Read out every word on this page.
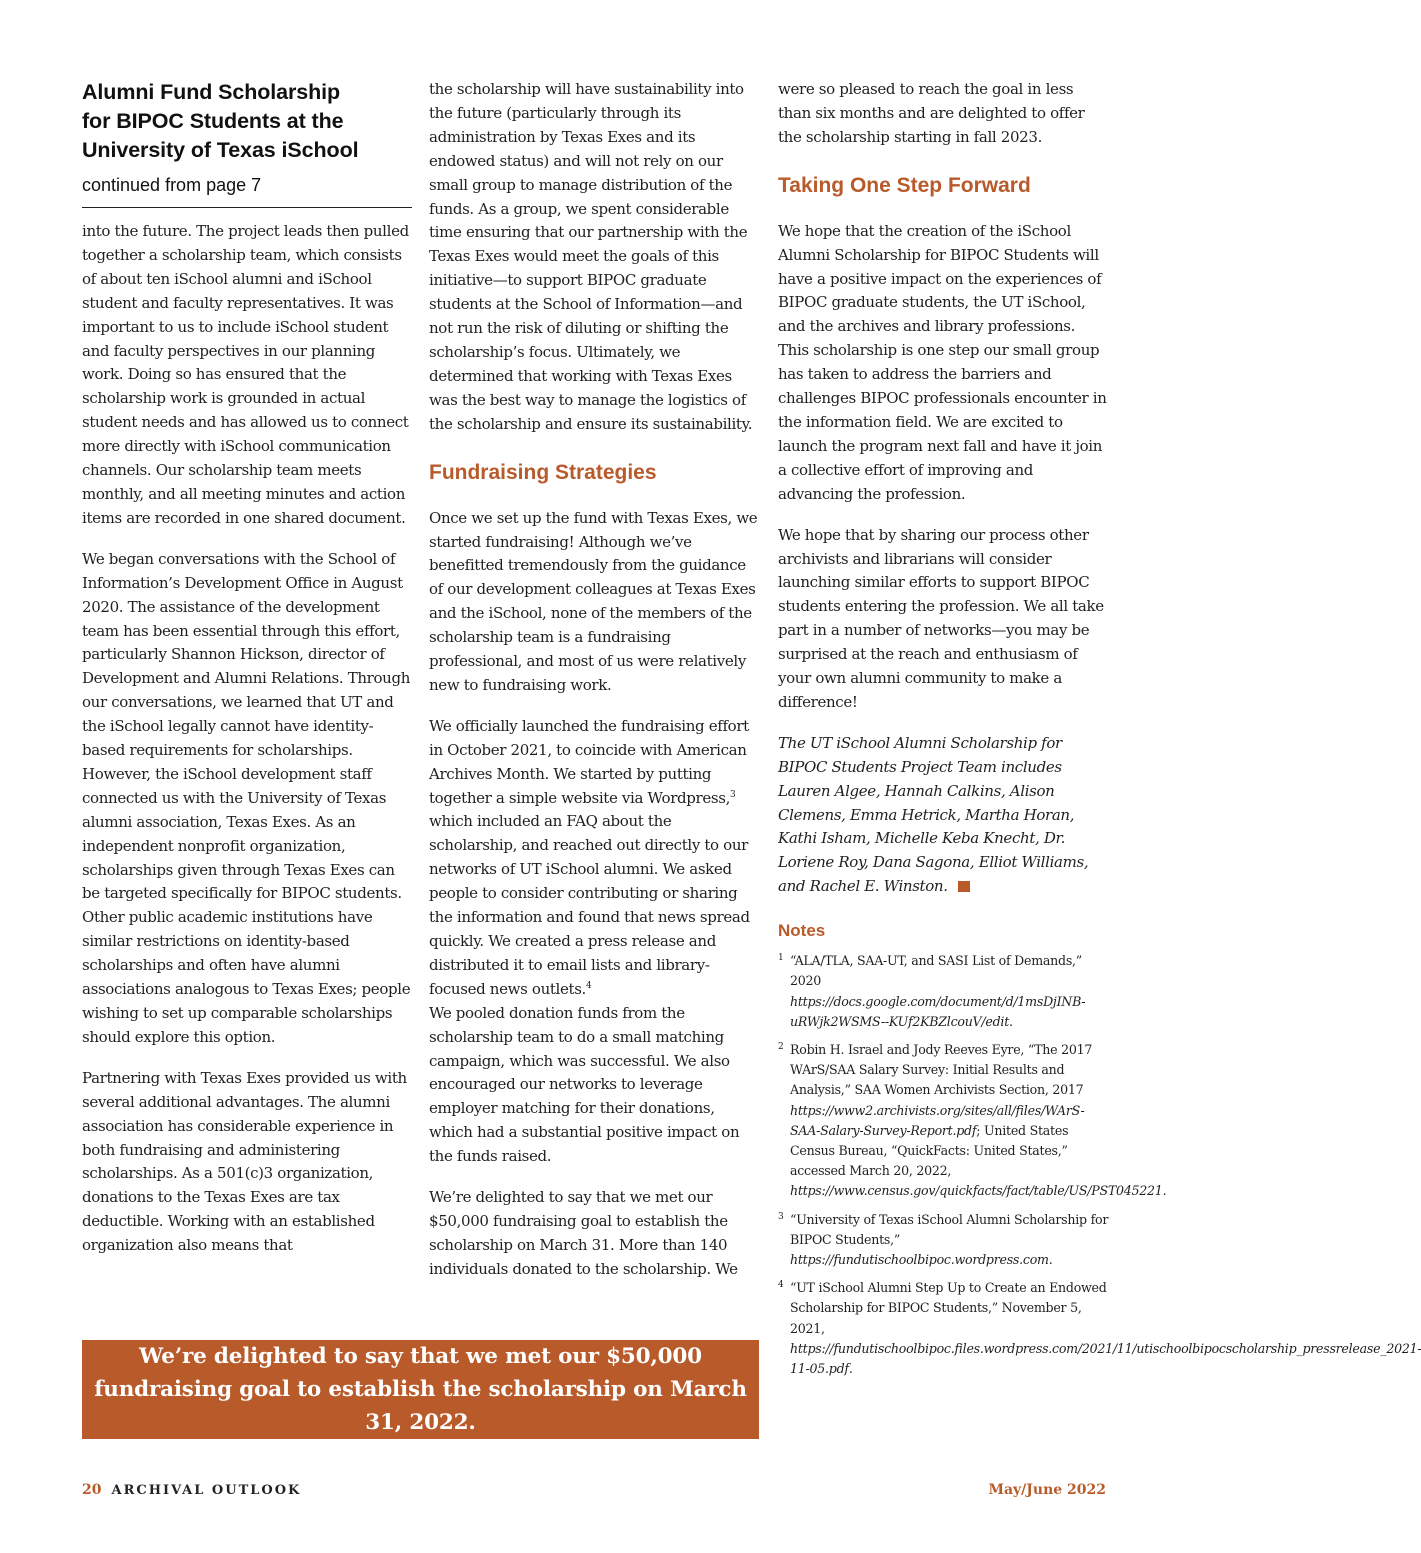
Alumni Fund Scholarship
for BIPOC Students at the
University of Texas iSchool
continued from page 7

into the future. The project leads then pulled together a scholarship team, which consists of about ten iSchool alumni and iSchool student and faculty representatives. It was important to us to include iSchool student and faculty perspectives in our planning work. Doing so has ensured that the scholarship work is grounded in actual student needs and has allowed us to connect more directly with iSchool communication channels. Our scholarship team meets monthly, and all meeting minutes and action items are recorded in one shared document.

We began conversations with the School of Information’s Development Office in August 2020. The assistance of the development team has been essential through this effort, particularly Shannon Hickson, director of Development and Alumni Relations. Through our conversations, we learned that UT and the iSchool legally cannot have identity-based requirements for scholarships. However, the iSchool development staff connected us with the University of Texas alumni association, Texas Exes. As an independent nonprofit organization, scholarships given through Texas Exes can be targeted specifically for BIPOC students. Other public academic institutions have similar restrictions on identity-based scholarships and often have alumni associations analogous to Texas Exes; people wishing to set up comparable scholarships should explore this option.

Partnering with Texas Exes provided us with several additional advantages. The alumni association has considerable experience in both fundraising and administering scholarships. As a 501(c)3 organization, donations to the Texas Exes are tax deductible. Working with an established organization also means that

the scholarship will have sustainability into the future (particularly through its administration by Texas Exes and its endowed status) and will not rely on our small group to manage distribution of the funds. As a group, we spent considerable time ensuring that our partnership with the Texas Exes would meet the goals of this initiative—to support BIPOC graduate students at the School of Information—and not run the risk of diluting or shifting the scholarship’s focus. Ultimately, we determined that working with Texas Exes was the best way to manage the logistics of the scholarship and ensure its sustainability.

Fundraising Strategies

Once we set up the fund with Texas Exes, we started fundraising! Although we’ve benefitted tremendously from the guidance of our development colleagues at Texas Exes and the iSchool, none of the members of the scholarship team is a fundraising professional, and most of us were relatively new to fundraising work.

We officially launched the fundraising effort in October 2021, to coincide with American Archives Month. We started by putting together a simple website via Wordpress,$^3$ which included an FAQ about the scholarship, and reached out directly to our networks of UT iSchool alumni. We asked people to consider contributing or sharing the information and found that news spread quickly. We created a press release and distributed it to email lists and library-focused news outlets.$^4$
We pooled donation funds from the scholarship team to do a small matching campaign, which was successful. We also encouraged our networks to leverage employer matching for their donations, which had a substantial positive impact on the funds raised.

We’re delighted to say that we met our $50,000 fundraising goal to establish the scholarship on March 31. More than 140 individuals donated to the scholarship. We

were so pleased to reach the goal in less than six months and are delighted to offer the scholarship starting in fall 2023.

Taking One Step Forward

We hope that the creation of the iSchool Alumni Scholarship for BIPOC Students will have a positive impact on the experiences of BIPOC graduate students, the UT iSchool, and the archives and library professions. This scholarship is one step our small group has taken to address the barriers and challenges BIPOC professionals encounter in the information field. We are excited to launch the program next fall and have it join a collective effort of improving and advancing the profession.

We hope that by sharing our process other archivists and librarians will consider launching similar efforts to support BIPOC students entering the profession. We all take part in a number of networks—you may be surprised at the reach and enthusiasm of your own alumni community to make a difference!

The UT iSchool Alumni Scholarship for BIPOC Students Project Team includes Lauren Algee, Hannah Calkins, Alison Clemens, Emma Hetrick, Martha Horan, Kathi Isham, Michelle Keba Knecht, Dr. Loriene Roy, Dana Sagona, Elliot Williams, and Rachel E. Winston.

Notes
1 “ALA/TLA, SAA-UT, and SASI List of Demands,” 2020 https://docs.google.com/document/d/1msDjINB-uRWjk2WSMS--KUf2KBZlcouV/edit.
2 Robin H. Israel and Jody Reeves Eyre, “The 2017 WArS/SAA Salary Survey: Initial Results and Analysis,” SAA Women Archivists Section, 2017 https://www2.archivists.org/sites/all/files/WArS-SAA-Salary-Survey-Report.pdf; United States Census Bureau, “QuickFacts: United States,” accessed March 20, 2022, https://www.census.gov/quickfacts/fact/table/US/PST045221.
3 “University of Texas iSchool Alumni Scholarship for BIPOC Students,” https://fundutischoolbipoc.wordpress.com.
4 “UT iSchool Alumni Step Up to Create an Endowed Scholarship for BIPOC Students,” November 5, 2021, https://fundutischoolbipoc.files.wordpress.com/2021/11/utischoolbipocscholarship_pressrelease_2021-11-05.pdf.
We’re delighted to say that we met our $50,000 fundraising goal to establish the scholarship on March 31, 2022.
20 ARCHIVAL OUTLOOK	May/June 2022
